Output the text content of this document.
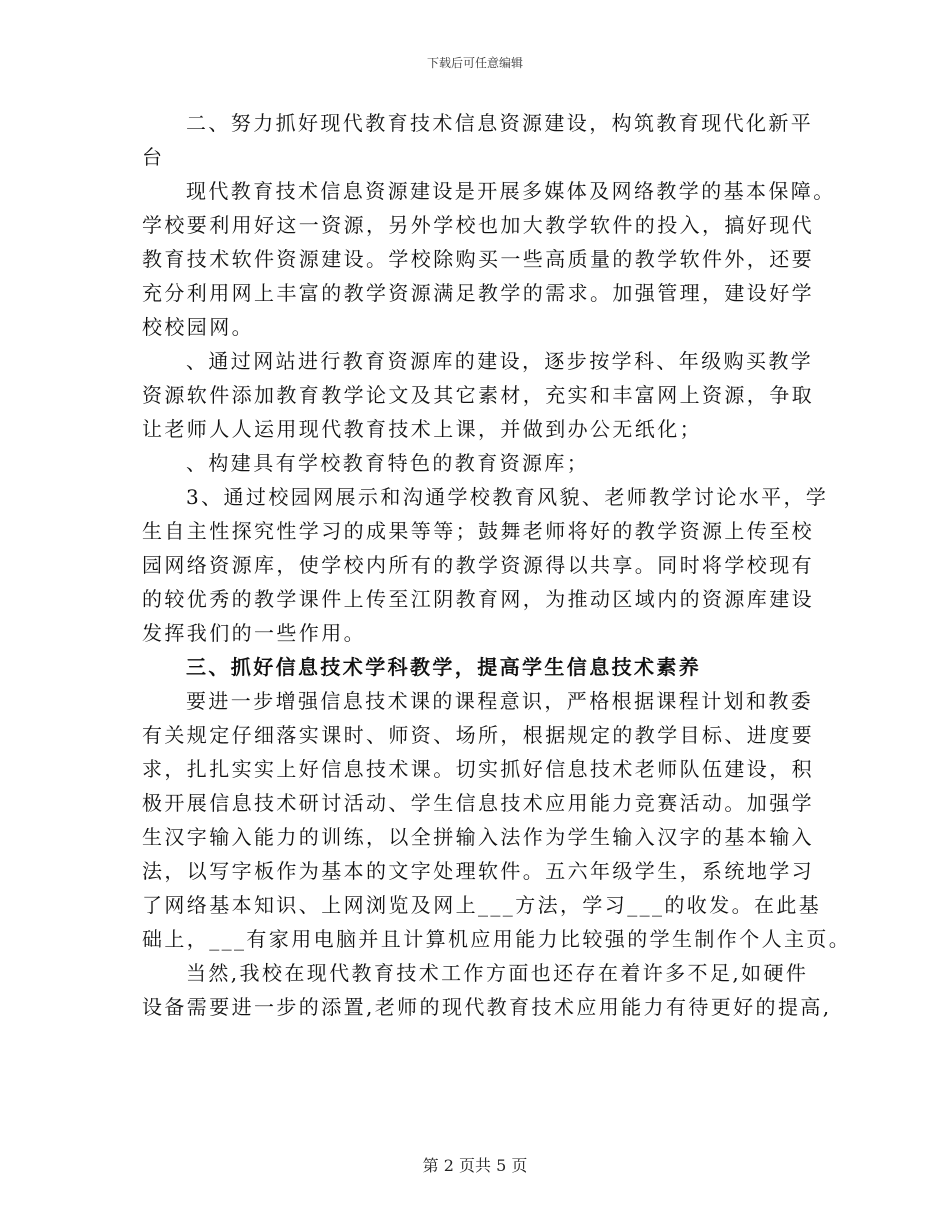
下载后可任意编辑
二、努力抓好现代教育技术信息资源建设，构筑教育现代化新平
台
现代教育技术信息资源建设是开展多媒体及网络教学的基本保障。
学校要利用好这一资源，另外学校也加大教学软件的投入，搞好现代
教育技术软件资源建设。学校除购买一些高质量的教学软件外，还要
充分利用网上丰富的教学资源满足教学的需求。加强管理，建设好学
校校园网。
、通过网站进行教育资源库的建设，逐步按学科、年级购买教学
资源软件添加教育教学论文及其它素材，充实和丰富网上资源，争取
让老师人人运用现代教育技术上课，并做到办公无纸化；
、构建具有学校教育特色的教育资源库；
3、通过校园网展示和沟通学校教育风貌、老师教学讨论水平，学
生自主性探究性学习的成果等等；鼓舞老师将好的教学资源上传至校
园网络资源库，使学校内所有的教学资源得以共享。同时将学校现有
的较优秀的教学课件上传至江阴教育网，为推动区域内的资源库建设
发挥我们的一些作用。
三、抓好信息技术学科教学，提高学生信息技术素养
要进一步增强信息技术课的课程意识，严格根据课程计划和教委
有关规定仔细落实课时、师资、场所，根据规定的教学目标、进度要
求，扎扎实实上好信息技术课。切实抓好信息技术老师队伍建设，积
极开展信息技术研讨活动、学生信息技术应用能力竞赛活动。加强学
生汉字输入能力的训练，以全拼输入法作为学生输入汉字的基本输入
法，以写字板作为基本的文字处理软件。五六年级学生，系统地学习
了网络基本知识、上网浏览及网上___方法，学习___的收发。在此基
础上，___有家用电脑并且计算机应用能力比较强的学生制作个人主页。
当然,我校在现代教育技术工作方面也还存在着许多不足,如硬件
设备需要进一步的添置,老师的现代教育技术应用能力有待更好的提高,
第 2 页共 5 页
